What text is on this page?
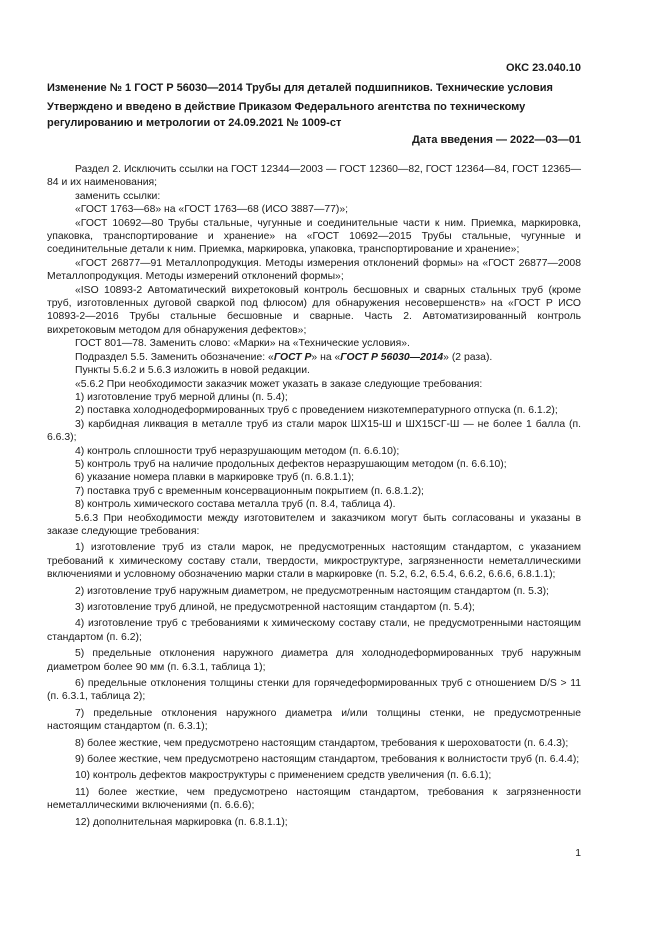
ОКС 23.040.10

Изменение № 1 ГОСТ Р 56030—2014 Трубы для деталей подшипников. Технические условия

Утверждено и введено в действие Приказом Федерального агентства по техническому регулированию и метрологии от 24.09.2021 № 1009-ст

Дата введения — 2022—03—01

Раздел 2. Исключить ссылки на ГОСТ 12344—2003 — ГОСТ 12360—82, ГОСТ 12364—84, ГОСТ 12365—84 и их наименования;

заменить ссылки:

«ГОСТ 1763—68» на «ГОСТ 1763—68 (ИСО 3887—77)»;

«ГОСТ 10692—80 Трубы стальные, чугунные и соединительные части к ним. Приемка, маркировка, упаковка, транспортирование и хранение» на «ГОСТ 10692—2015 Трубы стальные, чугунные и соединительные детали к ним. Приемка, маркировка, упаковка, транспортирование и хранение»;

«ГОСТ 26877—91 Металлопродукция. Методы измерения отклонений формы» на «ГОСТ 26877—2008 Металлопродукция. Методы измерений отклонений формы»;

«ISO 10893-2 Автоматический вихретоковый контроль бесшовных и сварных стальных труб (кроме труб, изготовленных дуговой сваркой под флюсом) для обнаружения несовершенств» на «ГОСТ Р ИСО 10893-2—2016 Трубы стальные бесшовные и сварные. Часть 2. Автоматизированный контроль вихретоковым методом для обнаружения дефектов»;

ГОСТ 801—78. Заменить слово: «Марки» на «Технические условия».

Подраздел 5.5. Заменить обозначение: «ГОСТ Р» на «ГОСТ Р 56030—2014» (2 раза).

Пункты 5.6.2 и 5.6.3 изложить в новой редакции.

«5.6.2 При необходимости заказчик может указать в заказе следующие требования:

1) изготовление труб мерной длины (п. 5.4);

2) поставка холоднодеформированных труб с проведением низкотемпературного отпуска (п. 6.1.2);

3) карбидная ликвация в металле труб из стали марок ШХ15-Ш и ШХ15СГ-Ш — не более 1 балла (п. 6.6.3);

4) контроль сплошности труб неразрушающим методом (п. 6.6.10);

5) контроль труб на наличие продольных дефектов неразрушающим методом (п. 6.6.10);

6) указание номера плавки в маркировке труб (п. 6.8.1.1);

7) поставка труб с временным консервационным покрытием (п. 6.8.1.2);

8) контроль химического состава металла труб (п. 8.4, таблица 4).

5.6.3 При необходимости между изготовителем и заказчиком могут быть согласованы и указаны в заказе следующие требования:

1) изготовление труб из стали марок, не предусмотренных настоящим стандартом, с указанием требований к химическому составу стали, твердости, микроструктуре, загрязненности неметаллическими включениями и условному обозначению марки стали в маркировке (п. 5.2, 6.2, 6.5.4, 6.6.2, 6.6.6, 6.8.1.1);

2) изготовление труб наружным диаметром, не предусмотренным настоящим стандартом (п. 5.3);

3) изготовление труб длиной, не предусмотренной настоящим стандартом (п. 5.4);

4) изготовление труб с требованиями к химическому составу стали, не предусмотренными настоящим стандартом (п. 6.2);

5) предельные отклонения наружного диаметра для холоднодеформированных труб наружным диаметром более 90 мм (п. 6.3.1, таблица 1);

6) предельные отклонения толщины стенки для горячедеформированных труб с отношением D/S > 11 (п. 6.3.1, таблица 2);

7) предельные отклонения наружного диаметра и/или толщины стенки, не предусмотренные настоящим стандартом (п. 6.3.1);

8) более жесткие, чем предусмотрено настоящим стандартом, требования к шероховатости (п. 6.4.3);

9) более жесткие, чем предусмотрено настоящим стандартом, требования к волнистости труб (п. 6.4.4);

10) контроль дефектов макроструктуры с применением средств увеличения (п. 6.6.1);

11) более жесткие, чем предусмотрено настоящим стандартом, требования к загрязненности неметаллическими включениями (п. 6.6.6);

12) дополнительная маркировка (п. 6.8.1.1);

1
